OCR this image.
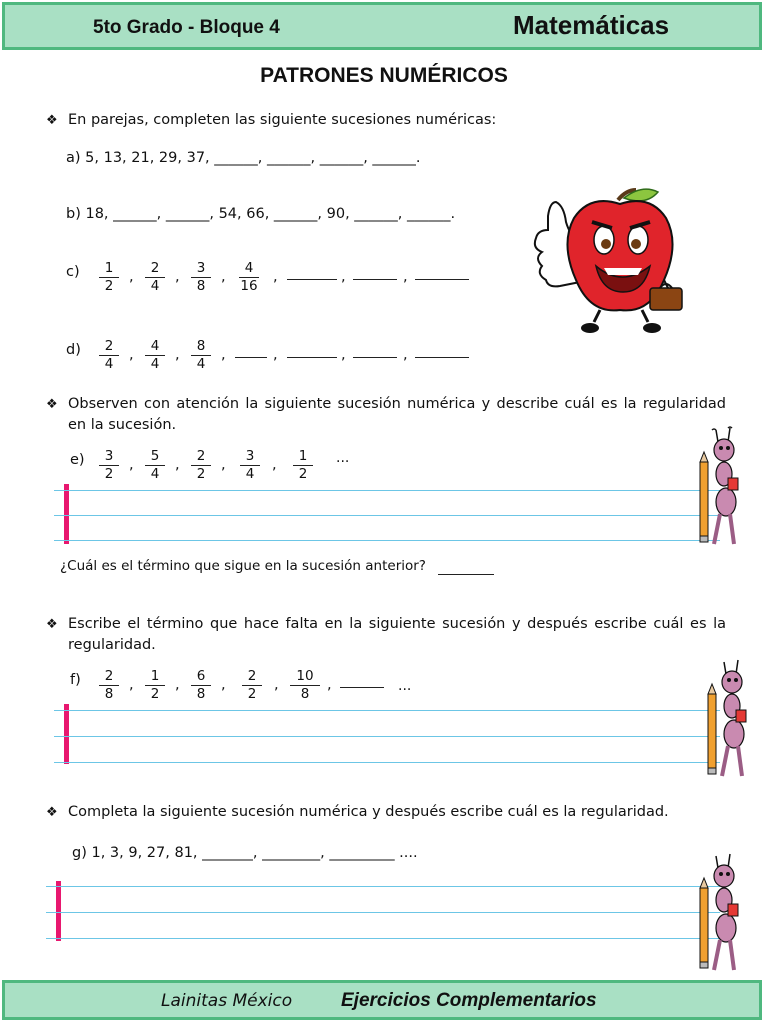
5to Grado - Bloque 4	Matemáticas
PATRONES NUMÉRICOS
❖ En parejas, completen las siguiente sucesiones numéricas:
a) 5, 13, 21, 29, 37, ______, ______, ______, ______.
b) 18, ______, ______, 54, 66, ______, 90, ______, ______.
$c) \frac{1}{2}$ , $\frac{2}{4}$ , $\frac{3}{8}$ , $\frac{4}{16}$ ,	,	,
$d) \frac{2}{4}$ , $\frac{4}{4}$ , $\frac{8}{4}$ ,	,	,	,
❖ Observen con atención la siguiente sucesión numérica y describe cuál es la regularidad en la sucesión.
$e) \frac{3}{2}$ , $\frac{5}{4}$ , $\frac{2}{2}$ , $\frac{3}{4}$ , $\frac{1}{2}$ ...
¿Cuál es el término que sigue en la sucesión anterior?
❖ Escribe el término que hace falta en la siguiente sucesión y después escribe cuál es la regularidad.
$f) \frac{2}{8}$ , $\frac{1}{2}$ , $\frac{6}{8}$ , $\frac{2}{2}$ , $\frac{10}{8}$ ,	...
❖ Completa la siguiente sucesión numérica y después escribe cuál es la regularidad.
g) 1, 3, 9, 27, 81, _______, ________, _________ ....
Lainitas México	Ejercicios Complementarios
